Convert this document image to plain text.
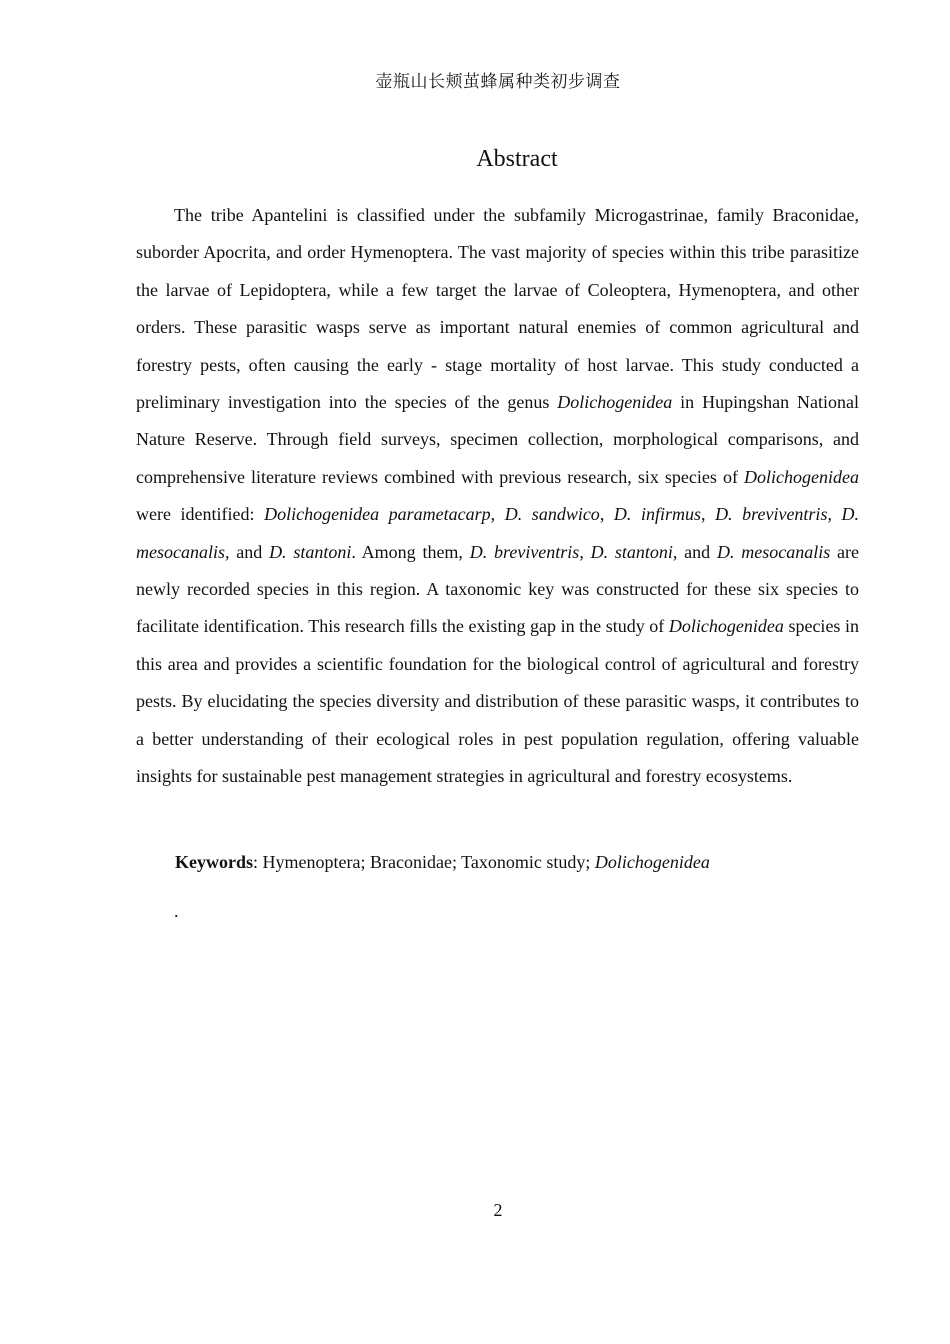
壶瓶山长颊茧蜂属种类初步调查
Abstract

The tribe Apantelini is classified under the subfamily Microgastrinae, family Braconidae, suborder Apocrita, and order Hymenoptera. The vast majority of species within this tribe parasitize the larvae of Lepidoptera, while a few target the larvae of Coleoptera, Hymenoptera, and other orders. These parasitic wasps serve as important natural enemies of common agricultural and forestry pests, often causing the early - stage mortality of host larvae. This study conducted a preliminary investigation into the species of the genus Dolichogenidea in Hupingshan National Nature Reserve. Through field surveys, specimen collection, morphological comparisons, and comprehensive literature reviews combined with previous research, six species of Dolichogenidea were identified: Dolichogenidea parametacarp, D. sandwico, D. infirmus, D. breviventris, D. mesocanalis, and D. stantoni. Among them, D. breviventris, D. stantoni, and D. mesocanalis are newly recorded species in this region. A taxonomic key was constructed for these six species to facilitate identification. This research fills the existing gap in the study of Dolichogenidea species in this area and provides a scientific foundation for the biological control of agricultural and forestry pests. By elucidating the species diversity and distribution of these parasitic wasps, it contributes to a better understanding of their ecological roles in pest population regulation, offering valuable insights for sustainable pest management strategies in agricultural and forestry ecosystems.

Keywords: Hymenoptera; Braconidae; Taxonomic study; Dolichogenidea

.
2
